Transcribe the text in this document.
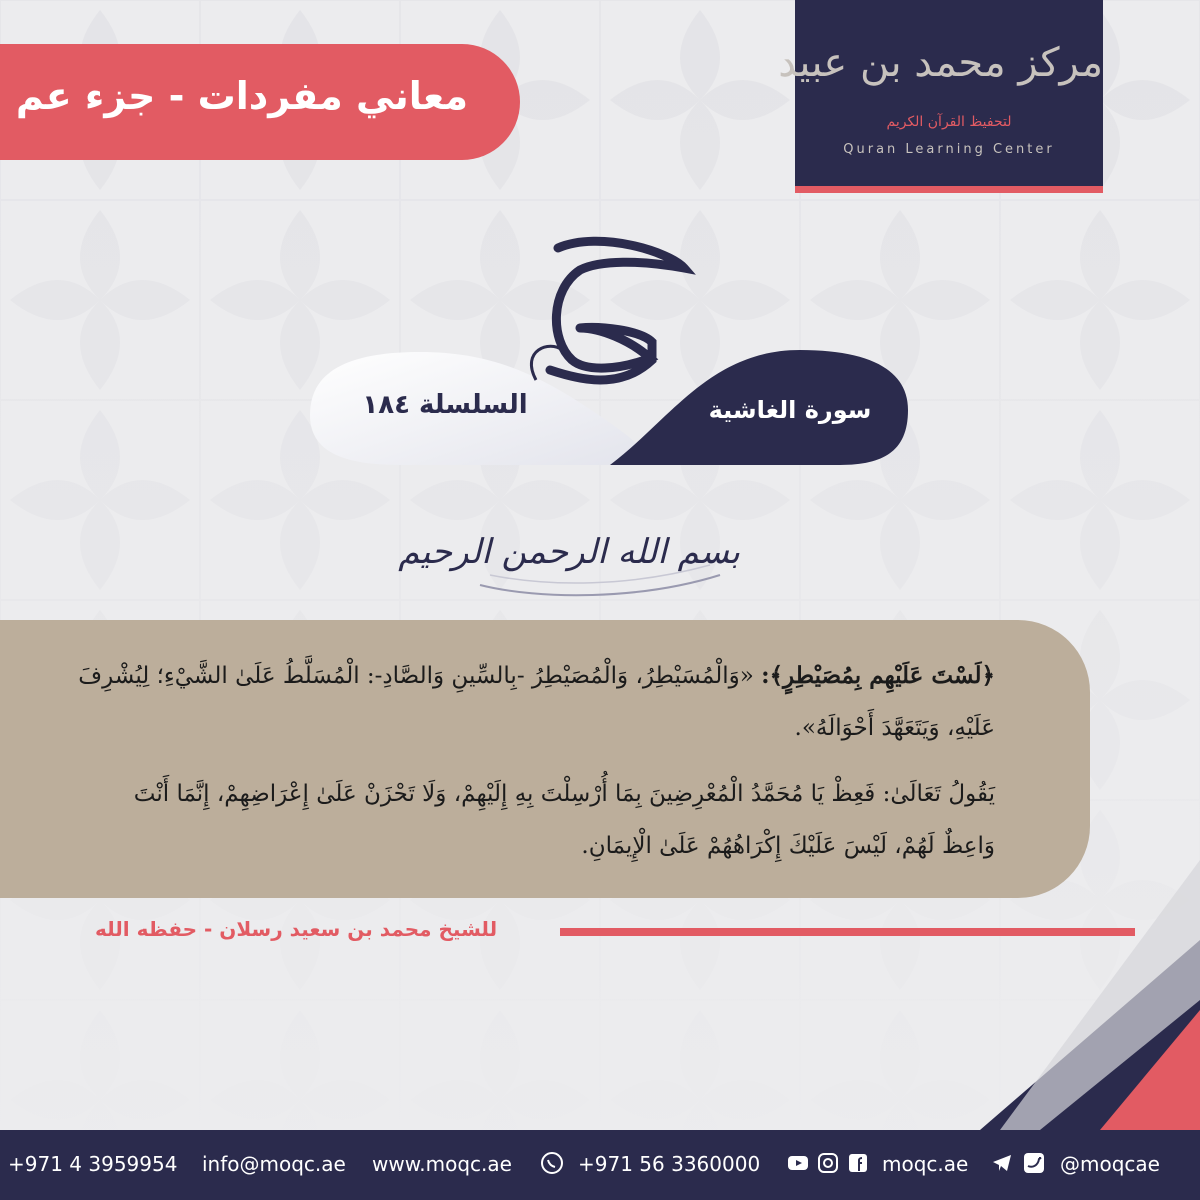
معاني مفردات - جزء عم
مركز محمد بن عبيد
لتحفيظ القرآن الكريم
Quran Learning Center
سورة الغاشية
السلسلة ١٨٤
بسم الله الرحمن الرحيم

﴿لَسْتَ عَلَيْهِم بِمُصَيْطِرٍ﴾: «وَالْمُسَيْطِرُ، وَالْمُصَيْطِرُ -بِالسِّينِ وَالصَّادِ-: الْمُسَلَّطُ عَلَىٰ الشَّيْءِ؛ لِيُشْرِفَ عَلَيْهِ، وَيَتَعَهَّدَ أَحْوَالَهُ».

يَقُولُ تَعَالَىٰ: فَعِظْ يَا مُحَمَّدُ الْمُعْرِضِينَ بِمَا أُرْسِلْتَ بِهِ إِلَيْهِمْ، وَلَا تَحْزَنْ عَلَىٰ إِعْرَاضِهِمْ، إِنَّمَا أَنْتَ وَاعِظٌ لَهُمْ، لَيْسَ عَلَيْكَ إِكْرَاهُهُمْ عَلَىٰ الْإِيمَانِ.

للشيخ محمد بن سعيد رسلان - حفظه الله
+971 4 3959954 info@moqc.ae www.moqc.ae	+971 56 3360000	moqc.ae	@moqcae
